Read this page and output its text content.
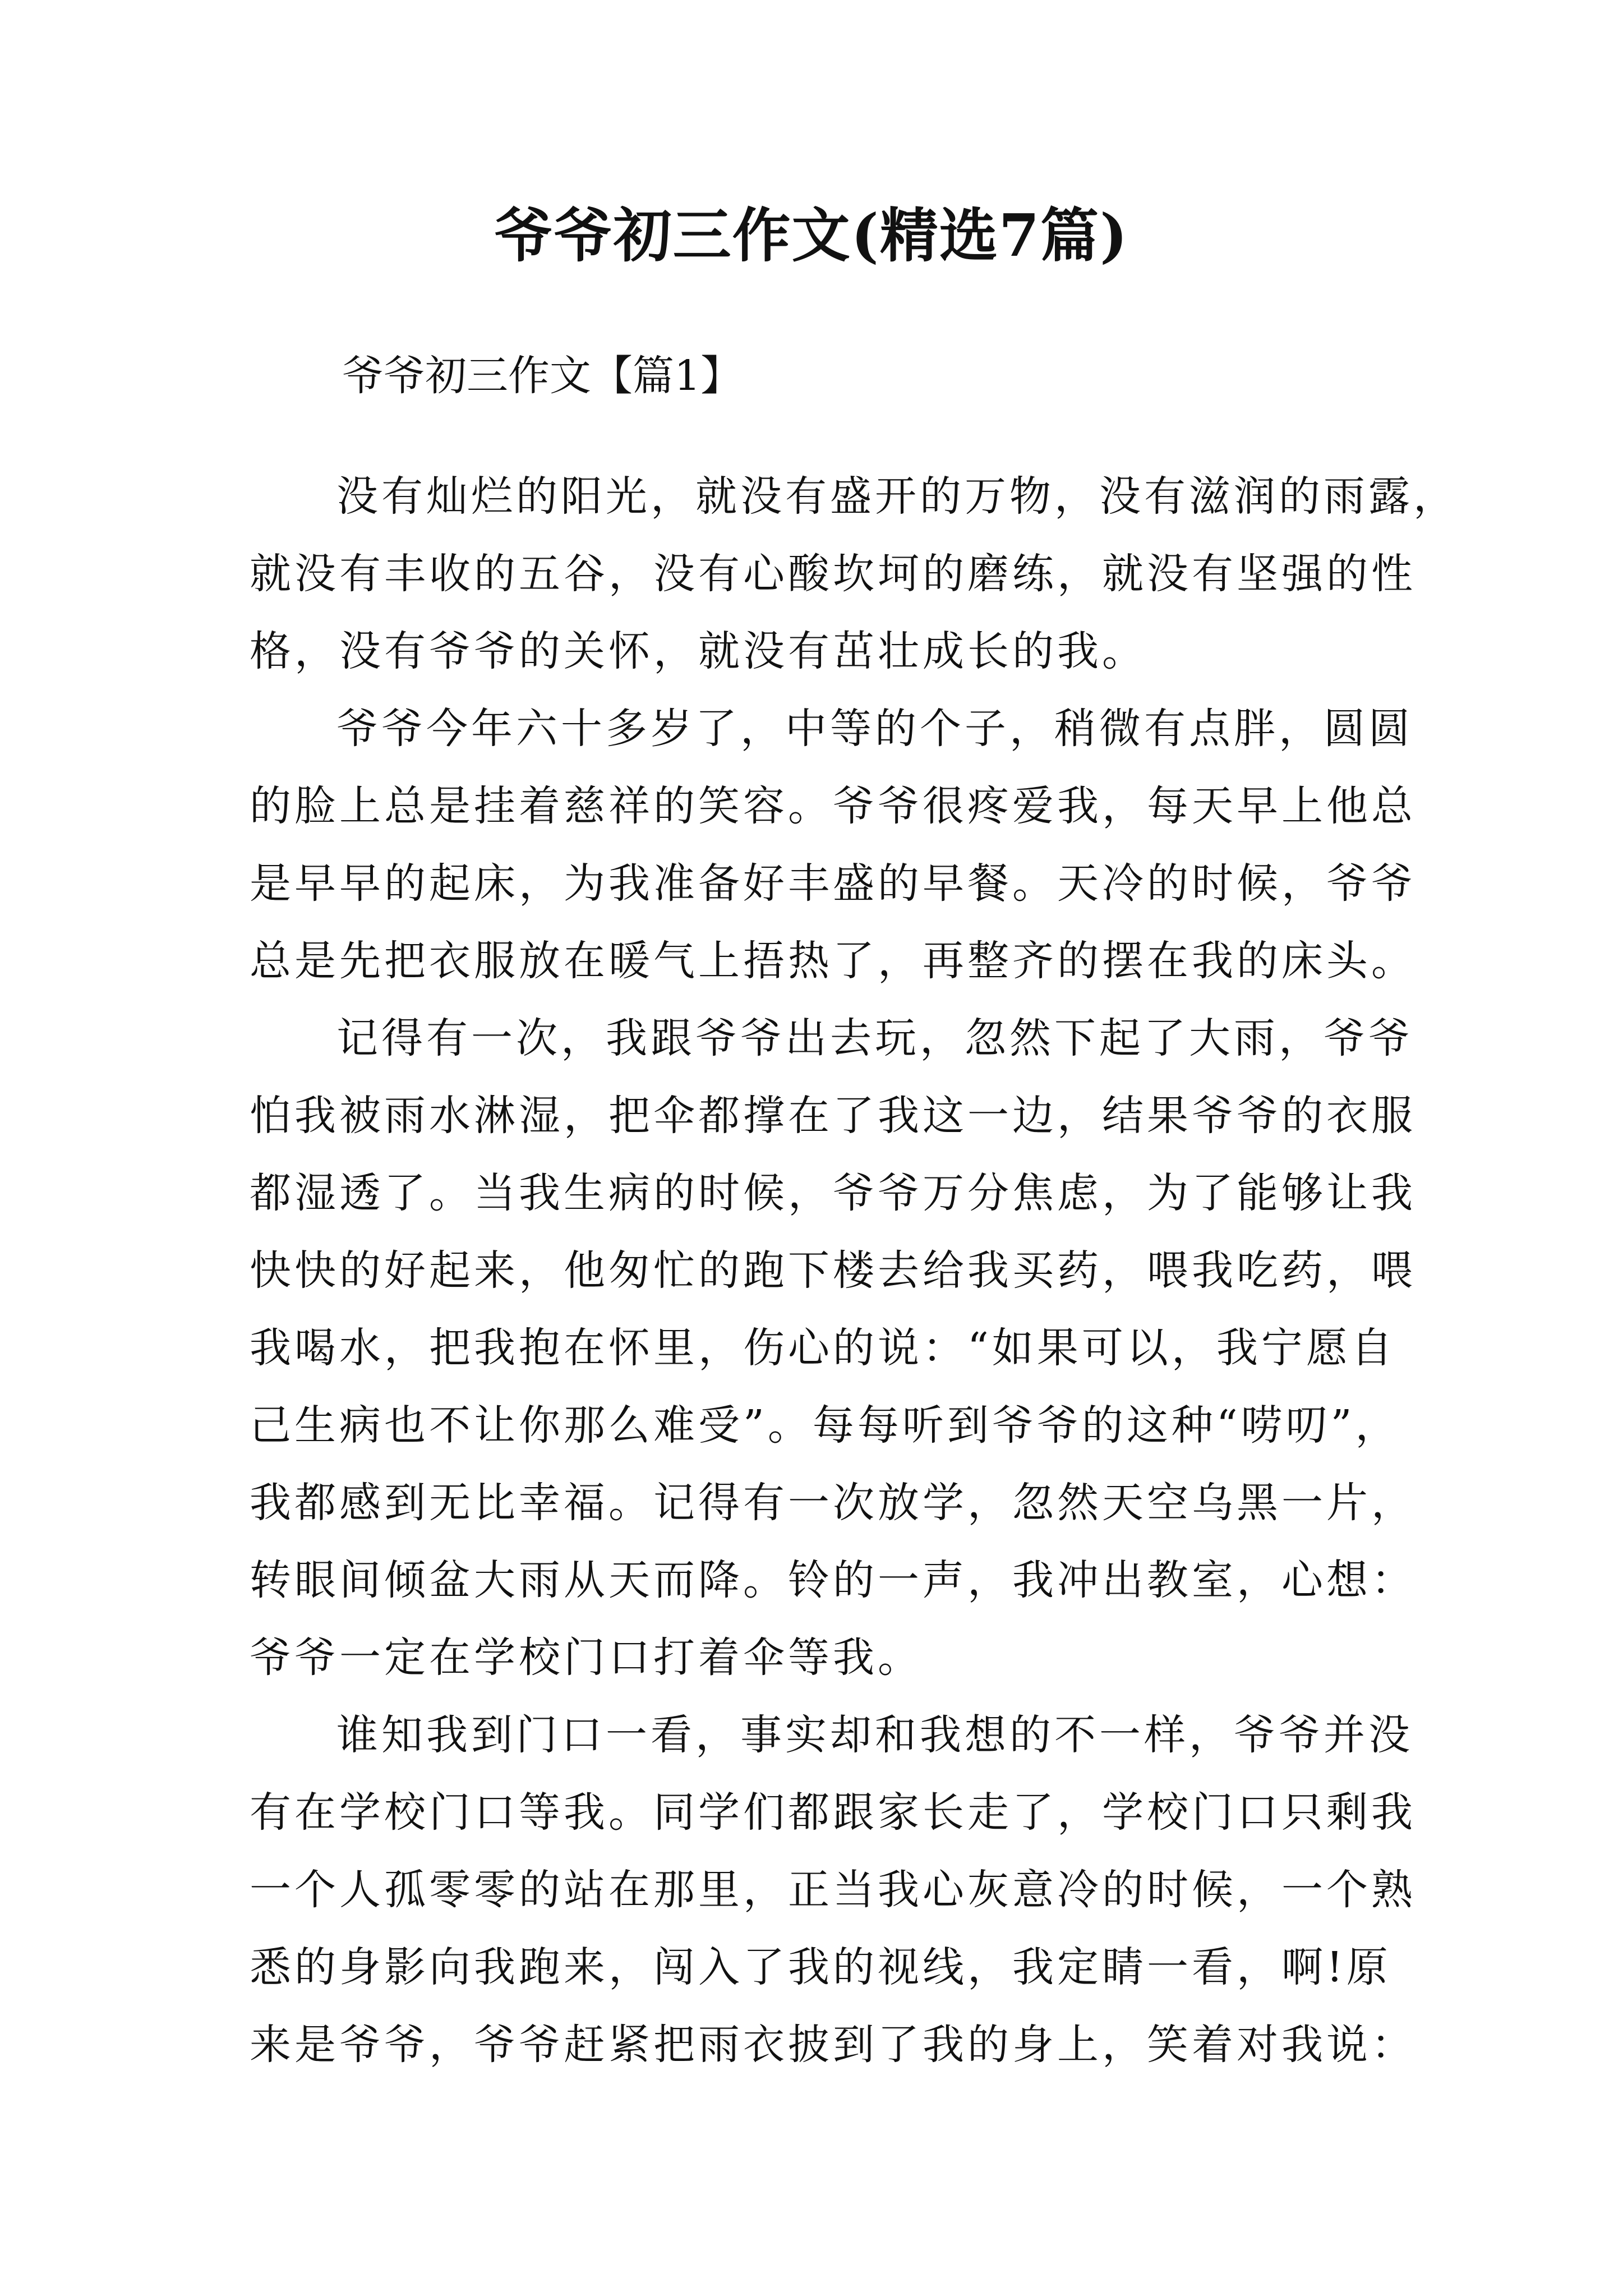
爷爷初三作文(精选7篇)
爷爷初三作文【篇1】
没有灿烂的阳光，就没有盛开的万物，没有滋润的雨露，
就没有丰收的五谷，没有心酸坎坷的磨练，就没有坚强的性
格，没有爷爷的关怀，就没有茁壮成长的我。
爷爷今年六十多岁了，中等的个子，稍微有点胖，圆圆
的脸上总是挂着慈祥的笑容。爷爷很疼爱我，每天早上他总
是早早的起床，为我准备好丰盛的早餐。天冷的时候，爷爷
总是先把衣服放在暖气上捂热了，再整齐的摆在我的床头。
记得有一次，我跟爷爷出去玩，忽然下起了大雨，爷爷
怕我被雨水淋湿，把伞都撑在了我这一边，结果爷爷的衣服
都湿透了。当我生病的时候，爷爷万分焦虑，为了能够让我
快快的好起来，他匆忙的跑下楼去给我买药，喂我吃药，喂
我喝水，把我抱在怀里，伤心的说：“如果可以，我宁愿自
己生病也不让你那么难受”。每每听到爷爷的这种“唠叨”，
我都感到无比幸福。记得有一次放学，忽然天空乌黑一片，
转眼间倾盆大雨从天而降。铃的一声，我冲出教室，心想：
爷爷一定在学校门口打着伞等我。
谁知我到门口一看，事实却和我想的不一样，爷爷并没
有在学校门口等我。同学们都跟家长走了，学校门口只剩我
一个人孤零零的站在那里，正当我心灰意冷的时候，一个熟
悉的身影向我跑来，闯入了我的视线，我定睛一看，啊!原
来是爷爷，爷爷赶紧把雨衣披到了我的身上，笑着对我说：
